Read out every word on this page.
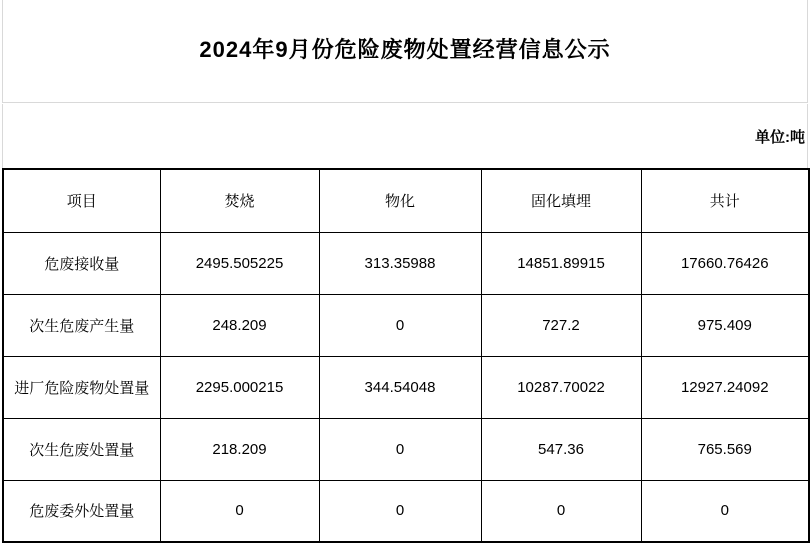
2024年9月份危险废物处置经营信息公示
单位:吨
项目	焚烧	物化	固化填埋	共计
危废接收量	2495.505225	313.35988	14851.89915	17660.76426
次生危废产生量	248.209	0	727.2	975.409
进厂危险废物处置量	2295.000215	344.54048	10287.70022	12927.24092
次生危废处置量	218.209	0	547.36	765.569
危废委外处置量	0	0	0	0
